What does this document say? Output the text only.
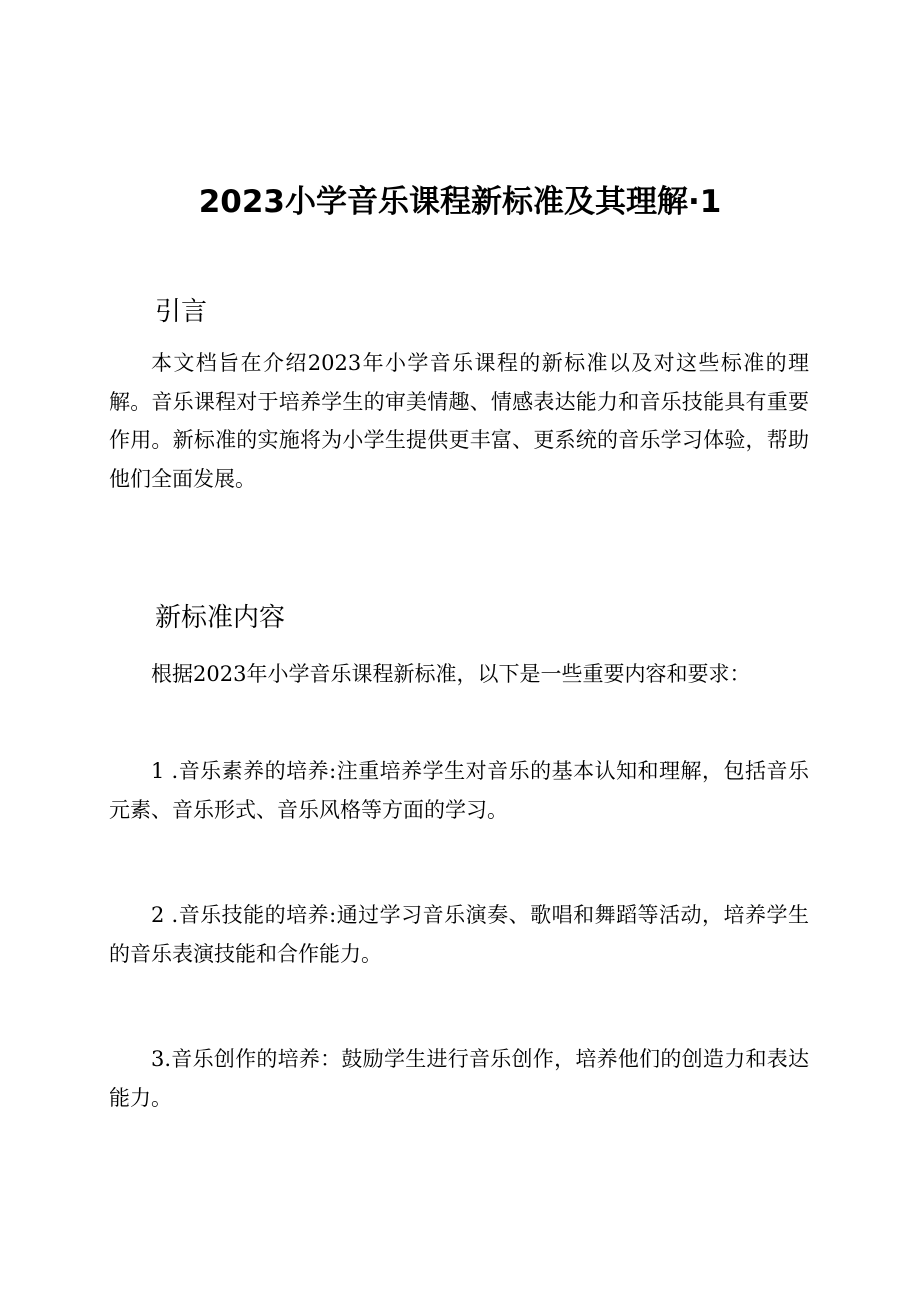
2023小学音乐课程新标准及其理解·1
引言

本文档旨在介绍2023年小学音乐课程的新标准以及对这些标准的理解。音乐课程对于培养学生的审美情趣、情感表达能力和音乐技能具有重要作用。新标准的实施将为小学生提供更丰富、更系统的音乐学习体验，帮助他们全面发展。

新标准内容

根据2023年小学音乐课程新标准，以下是一些重要内容和要求：

1 .音乐素养的培养:注重培养学生对音乐的基本认知和理解，包括音乐元素、音乐形式、音乐风格等方面的学习。

2 .音乐技能的培养:通过学习音乐演奏、歌唱和舞蹈等活动，培养学生的音乐表演技能和合作能力。

3.音乐创作的培养：鼓励学生进行音乐创作，培养他们的创造力和表达能力。
